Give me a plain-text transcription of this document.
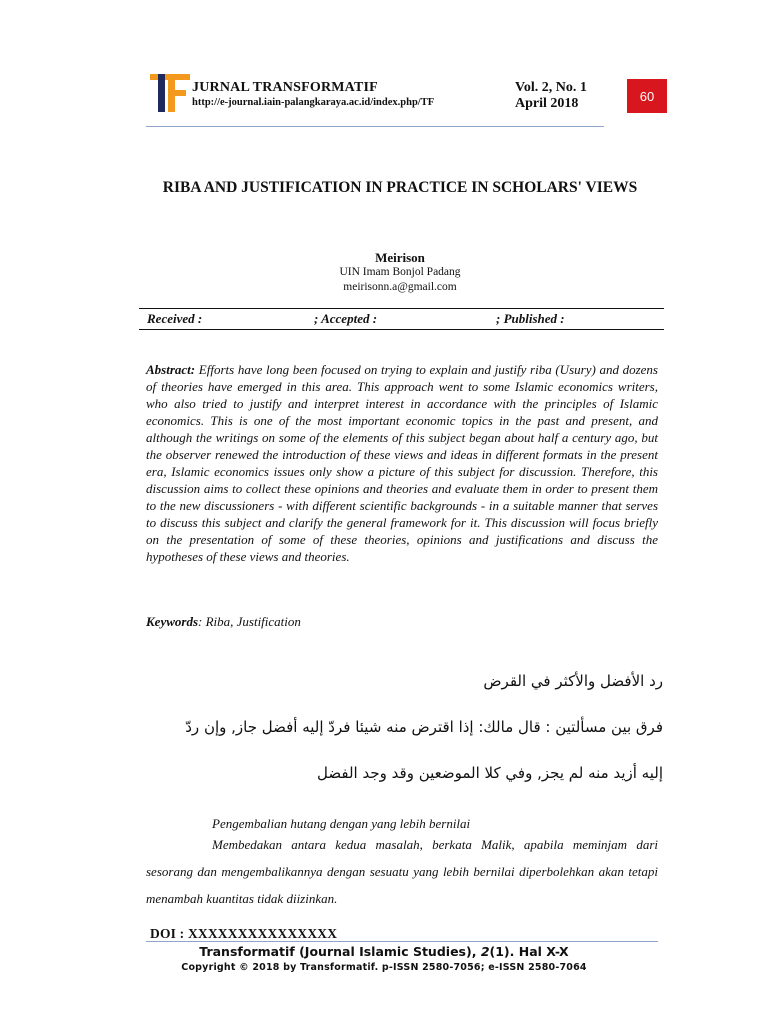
JURNAL TRANSFORMATIF
http://e-journal.iain-palangkaraya.ac.id/index.php/TF
Vol. 2, No. 1
April 2018	60
RIBA AND JUSTIFICATION IN PRACTICE IN SCHOLARS' VIEWS
Meirison
UIN Imam Bonjol Padang
meirisonn.a@gmail.com
Received :	; Accepted :	; Published :
Abstract: Efforts have long been focused on trying to explain and justify riba (Usury) and dozens of theories have emerged in this area. This approach went to some Islamic economics writers, who also tried to justify and interpret interest in accordance with the principles of Islamic economics. This is one of the most important economic topics in the past and present, and although the writings on some of the elements of this subject began about half a century ago, but the observer renewed the introduction of these views and ideas in different formats in the present era, Islamic economics issues only show a picture of this subject for discussion. Therefore, this discussion aims to collect these opinions and theories and evaluate them in order to present them to the new discussioners - with different scientific backgrounds - in a suitable manner that serves to discuss this subject and clarify the general framework for it. This discussion will focus briefly on the presentation of some of these theories, opinions and justifications and discuss the hypotheses of these views and theories.
Keywords: Riba, Justification
رد الأفضل والأكثر في القرض
فرق بين مسألتين : قال مالك: إذا اقترض منه شيئا فردّ إليه أفضل جاز, وإن ردّ
إليه أزيد منه لم يجز, وفي كلا الموضعين وقد وجد الفضل
Pengembalian hutang dengan yang lebih bernilai
Membedakan antara kedua masalah, berkata Malik, apabila meminjam dari sesorang dan mengembalikannya dengan sesuatu yang lebih bernilai diperbolehkan akan tetapi menambah kuantitas tidak diizinkan.
DOI : XXXXXXXXXXXXXXX
Transformatif (Journal Islamic Studies), 2(1). Hal X-X
Copyright © 2018 by Transformatif. p-ISSN 2580-7056; e-ISSN 2580-7064
